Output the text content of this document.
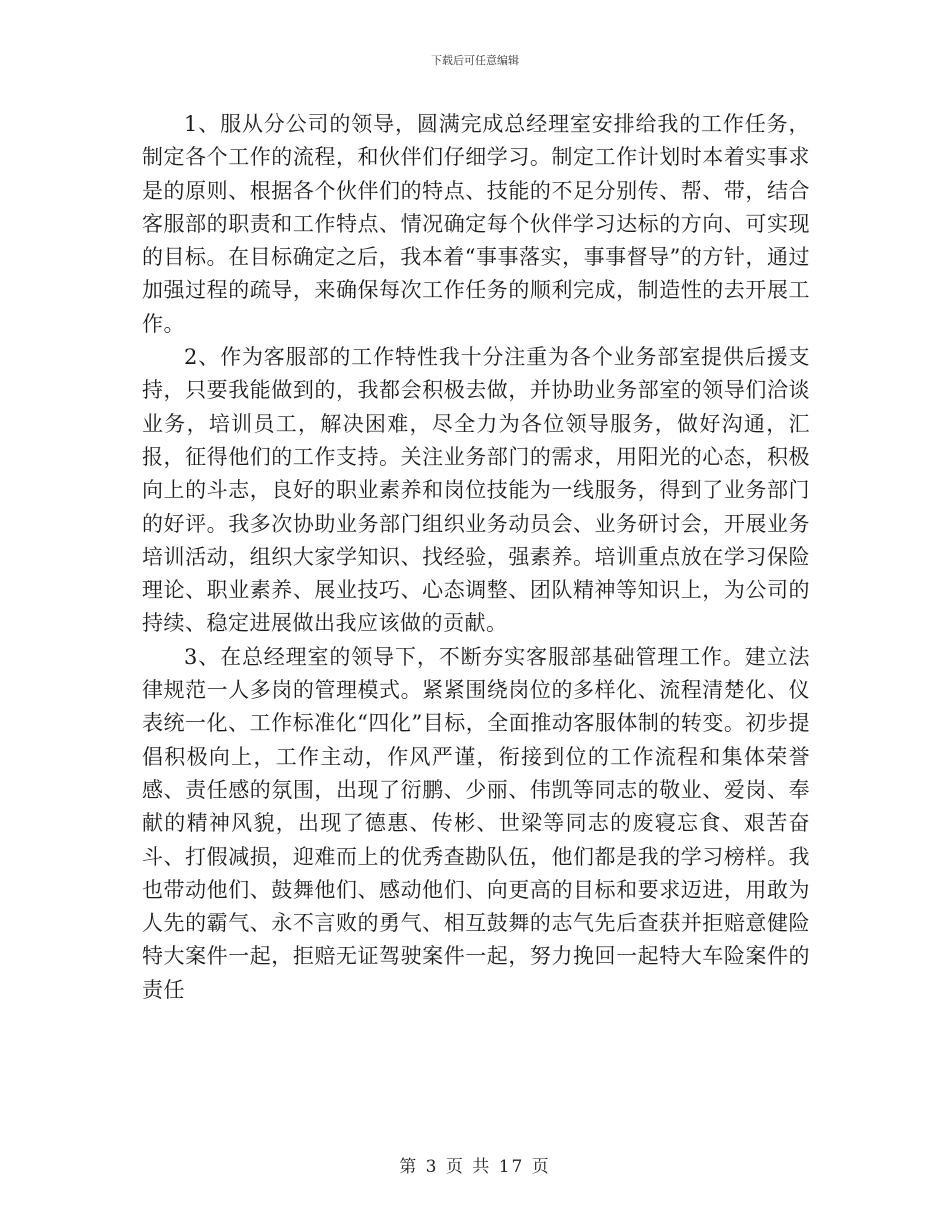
下载后可任意编辑

1、服从分公司的领导，圆满完成总经理室安排给我的工作任务，制定各个工作的流程，和伙伴们仔细学习。制定工作计划时本着实事求是的原则、根据各个伙伴们的特点、技能的不足分别传、帮、带，结合客服部的职责和工作特点、情况确定每个伙伴学习达标的方向、可实现的目标。在目标确定之后，我本着“事事落实，事事督导”的方针，通过加强过程的疏导，来确保每次工作任务的顺利完成，制造性的去开展工作。

2、作为客服部的工作特性我十分注重为各个业务部室提供后援支持，只要我能做到的，我都会积极去做，并协助业务部室的领导们洽谈业务，培训员工，解决困难，尽全力为各位领导服务，做好沟通，汇报，征得他们的工作支持。关注业务部门的需求，用阳光的心态，积极向上的斗志，良好的职业素养和岗位技能为一线服务，得到了业务部门的好评。我多次协助业务部门组织业务动员会、业务研讨会，开展业务培训活动，组织大家学知识、找经验，强素养。培训重点放在学习保险理论、职业素养、展业技巧、心态调整、团队精神等知识上，为公司的持续、稳定进展做出我应该做的贡献。

3、在总经理室的领导下，不断夯实客服部基础管理工作。建立法律规范一人多岗的管理模式。紧紧围绕岗位的多样化、流程清楚化、仪表统一化、工作标准化“四化”目标，全面推动客服体制的转变。初步提倡积极向上，工作主动，作风严谨，衔接到位的工作流程和集体荣誉感、责任感的氛围，出现了衍鹏、少丽、伟凯等同志的敬业、爱岗、奉献的精神风貌，出现了德惠、传彬、世梁等同志的废寝忘食、艰苦奋斗、打假减损，迎难而上的优秀查勘队伍，他们都是我的学习榜样。我也带动他们、鼓舞他们、感动他们、向更高的目标和要求迈进，用敢为人先的霸气、永不言败的勇气、相互鼓舞的志气先后查获并拒赔意健险特大案件一起，拒赔无证驾驶案件一起，努力挽回一起特大车险案件的责任

第 3 页 共 17 页
